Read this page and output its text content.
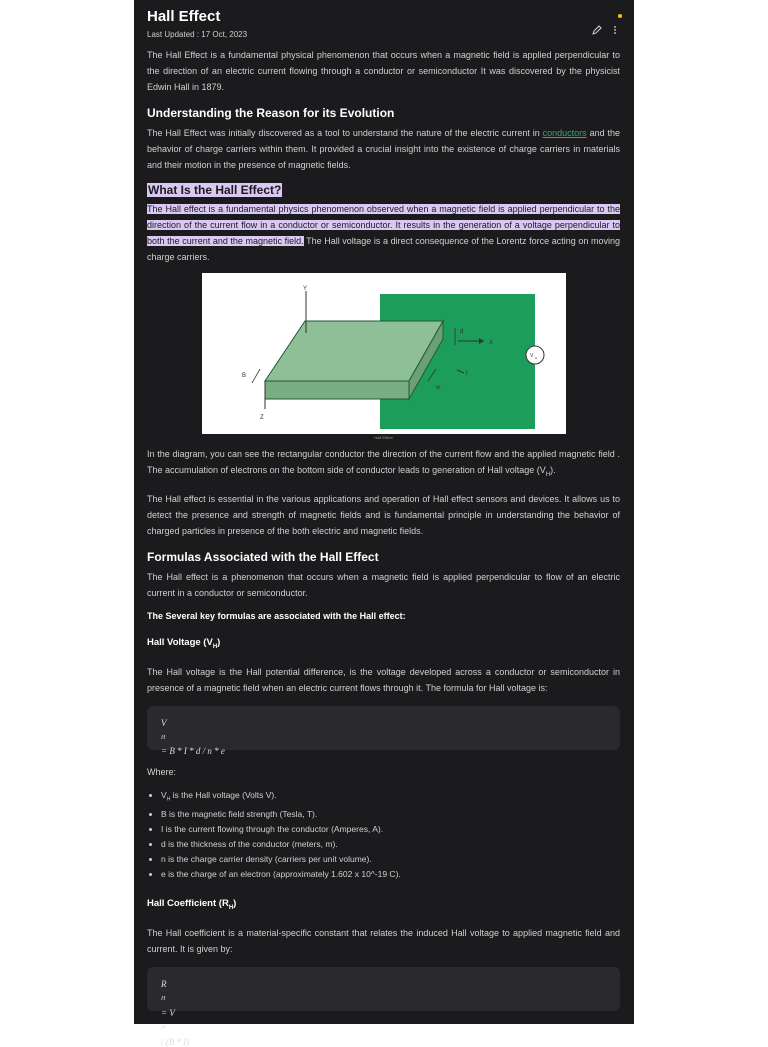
Hall Effect
Last Updated : 17 Oct, 2023

The Hall Effect is a fundamental physical phenomenon that occurs when a magnetic field is applied perpendicular to the direction of an electric current flowing through a conductor or semiconductor It was discovered by the physicist Edwin Hall in 1879.

Understanding the Reason for its Evolution

The Hall Effect was initially discovered as a tool to understand the nature of the electric current in conductors and the behavior of charge carriers within them. It provided a crucial insight into the existence of charge carriers in materials and their motion in the presence of magnetic fields.

What Is the Hall Effect?

The Hall effect is a fundamental physics phenomenon observed when a magnetic field is applied perpendicular to the direction of the current flow in a conductor or semiconductor. It results in the generation of a voltage perpendicular to both the current and the magnetic field. The Hall voltage is a direct consequence of the Lorentz force acting on moving charge carriers.

Y
Z
B
X
d
w
I
V H
Hall Effect

In the diagram, you can see the rectangular conductor the direction of the current flow and the applied magnetic field . The accumulation of electrons on the bottom side of conductor leads to generation of Hall voltage $(V_H)$.

The Hall effect is essential in the various applications and operation of Hall effect sensors and devices. It allows us to detect the presence and strength of magnetic fields and is fundamental principle in understanding the behavior of charged particles in presence of the both electric and magnetic fields.

Formulas Associated with the Hall Effect

The Hall effect is a phenomenon that occurs when a magnetic field is applied perpendicular to flow of an electric current in a conductor or semiconductor.

The Several key formulas are associated with the Hall effect:
Hall Voltage $(V_H)$

The Hall voltage is the Hall potential difference, is the voltage developed across a conductor or semiconductor in presence of a magnetic field when an electric current flows through it. The formula for Hall voltage is:

V
$_H$
= B * I * d / n * e

Where:

• $V_H$ is the Hall voltage (Volts V).
• B is the magnetic field strength (Tesla, T).
• I is the current flowing through the conductor (Amperes, A).
• d is the thickness of the conductor (meters, m).
• n is the charge carrier density (carriers per unit volume).
• e is the charge of an electron (approximately 1.602 x 10^-19 C).
Hall Coefficient $(R_H)$

The Hall coefficient is a material-specific constant that relates the induced Hall voltage to applied magnetic field and current. It is given by:

R
$_H$
= V
$_H$
/ (B * I)
